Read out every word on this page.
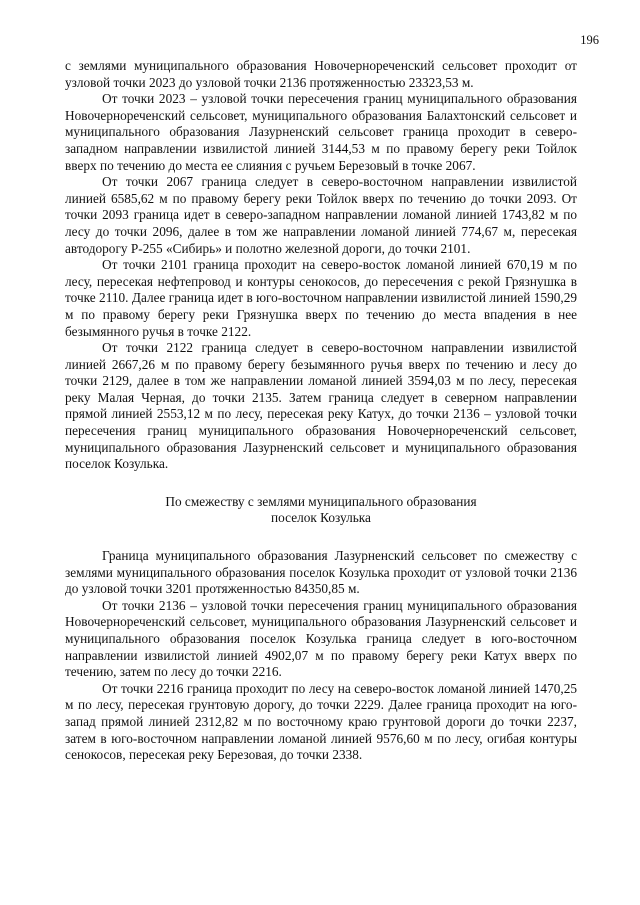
196

с землями муниципального образования Новочернореченский сельсовет проходит от узловой точки 2023 до узловой точки 2136 протяженностью 23323,53 м.

От точки 2023 – узловой точки пересечения границ муниципального образования Новочернореченский сельсовет, муниципального образования Балахтонский сельсовет и муниципального образования Лазурненский сельсовет граница проходит в северо-западном направлении извилистой линией 3144,53 м по правому берегу реки Тойлок вверх по течению до места ее слияния с ручьем Березовый в точке 2067.

От точки 2067 граница следует в северо-восточном направлении извилистой линией 6585,62 м по правому берегу реки Тойлок вверх по течению до точки 2093. От точки 2093 граница идет в северо-западном направлении ломаной линией 1743,82 м по лесу до точки 2096, далее в том же направлении ломаной линией 774,67 м, пересекая автодорогу Р-255 «Сибирь» и полотно железной дороги, до точки 2101.

От точки 2101 граница проходит на северо-восток ломаной линией 670,19 м по лесу, пересекая нефтепровод и контуры сенокосов, до пересечения с рекой Грязнушка в точке 2110. Далее граница идет в юго-восточном направлении извилистой линией 1590,29 м по правому берегу реки Грязнушка вверх по течению до места впадения в нее безымянного ручья в точке 2122.

От точки 2122 граница следует в северо-восточном направлении извилистой линией 2667,26 м по правому берегу безымянного ручья вверх по течению и лесу до точки 2129, далее в том же направлении ломаной линией 3594,03 м по лесу, пересекая реку Малая Черная, до точки 2135. Затем граница следует в северном направлении прямой линией 2553,12 м по лесу, пересекая реку Катух, до точки 2136 – узловой точки пересечения границ муниципального образования Новочернореченский сельсовет, муниципального образования Лазурненский сельсовет и муниципального образования поселок Козулька.

По смежеству с землями муниципального образования
поселок Козулька

Граница муниципального образования Лазурненский сельсовет по смежеству с землями муниципального образования поселок Козулька проходит от узловой точки 2136 до узловой точки 3201 протяженностью 84350,85 м.

От точки 2136 – узловой точки пересечения границ муниципального образования Новочернореченский сельсовет, муниципального образования Лазурненский сельсовет и муниципального образования поселок Козулька граница следует в юго-восточном направлении извилистой линией 4902,07 м по правому берегу реки Катух вверх по течению, затем по лесу до точки 2216.

От точки 2216 граница проходит по лесу на северо-восток ломаной линией 1470,25 м по лесу, пересекая грунтовую дорогу, до точки 2229. Далее граница проходит на юго-запад прямой линией 2312,82 м по восточному краю грунтовой дороги до точки 2237, затем в юго-восточном направлении ломаной линией 9576,60 м по лесу, огибая контуры сенокосов, пересекая реку Березовая, до точки 2338.
